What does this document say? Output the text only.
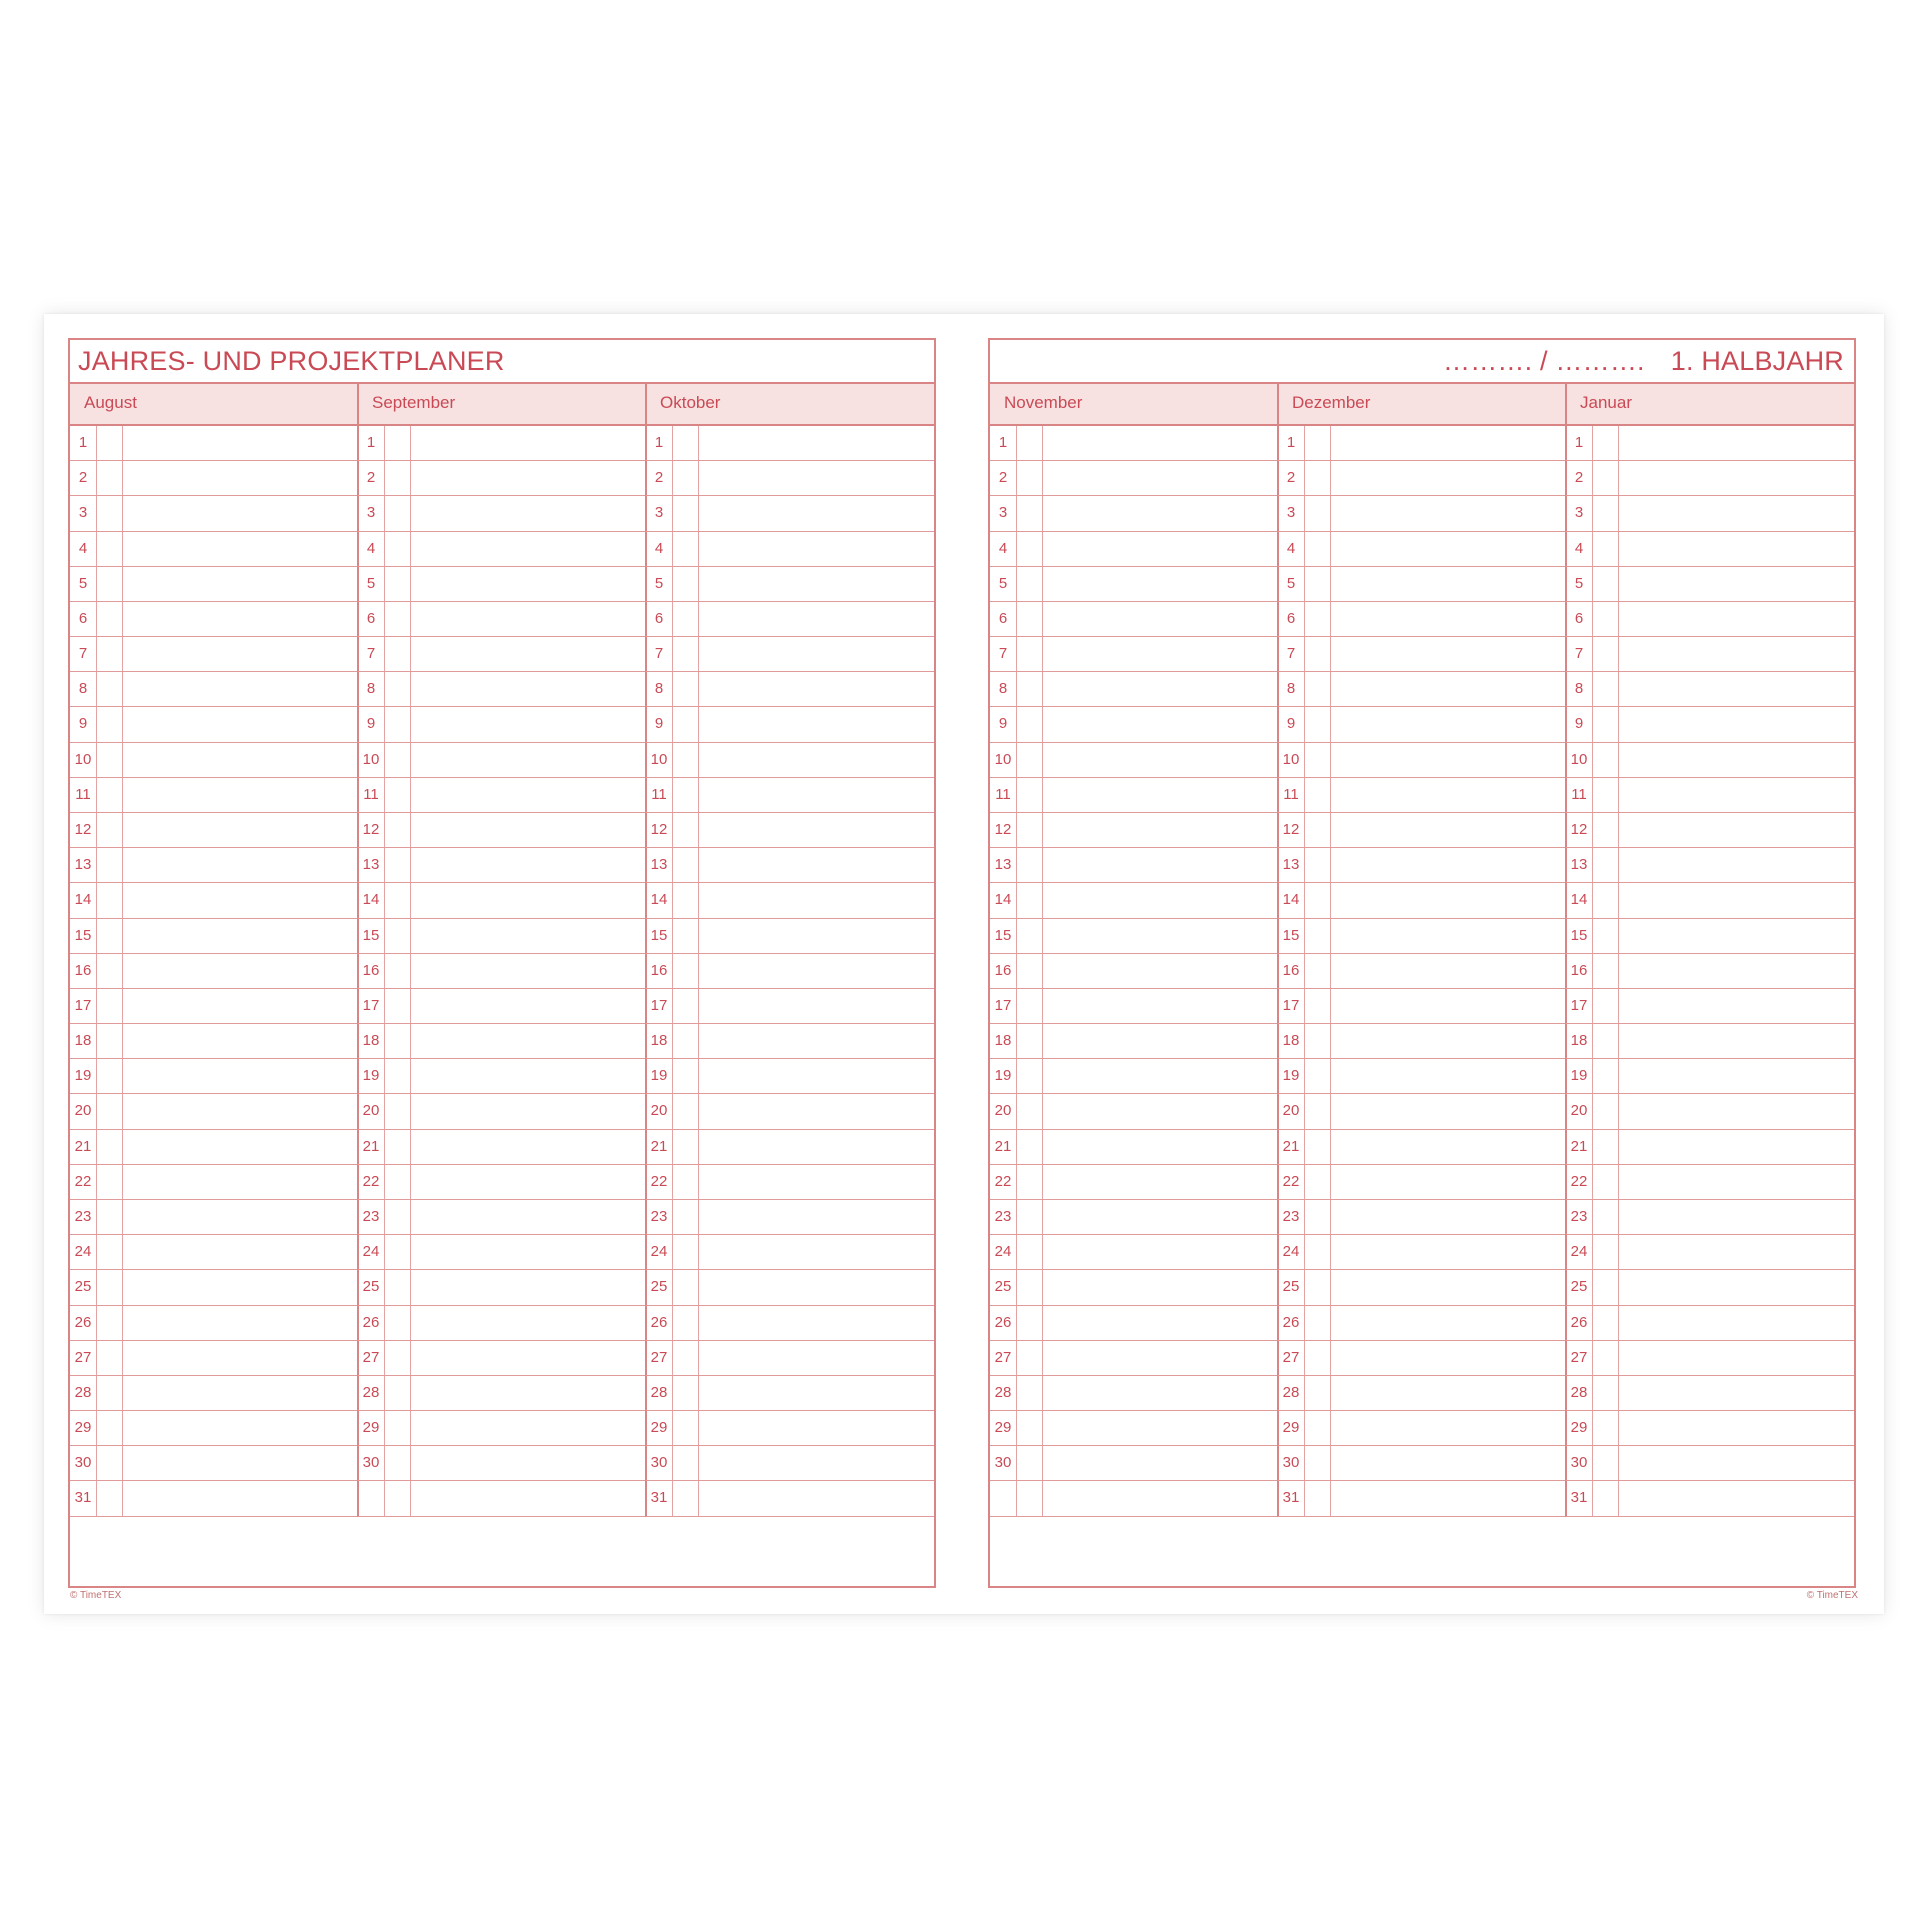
JAHRES- UND PROJEKTPLANER
August
1
2
3
4
5
6
7
8
9
10
11
12
13
14
15
16
17
18
19
20
21
22
23
24
25
26
27
28
29
30
31
September
1
2
3
4
5
6
7
8
9
10
11
12
13
14
15
16
17
18
19
20
21
22
23
24
25
26
27
28
29
30
Oktober
1
2
3
4
5
6
7
8
9
10
11
12
13
14
15
16
17
18
19
20
21
22
23
24
25
26
27
28
29
30
31
………. / ………. 1. HALBJAHR
November
1
2
3
4
5
6
7
8
9
10
11
12
13
14
15
16
17
18
19
20
21
22
23
24
25
26
27
28
29
30
Dezember
1
2
3
4
5
6
7
8
9
10
11
12
13
14
15
16
17
18
19
20
21
22
23
24
25
26
27
28
29
30
31
Januar
1
2
3
4
5
6
7
8
9
10
11
12
13
14
15
16
17
18
19
20
21
22
23
24
25
26
27
28
29
30
31
© TimeTEX	© TimeTEX
